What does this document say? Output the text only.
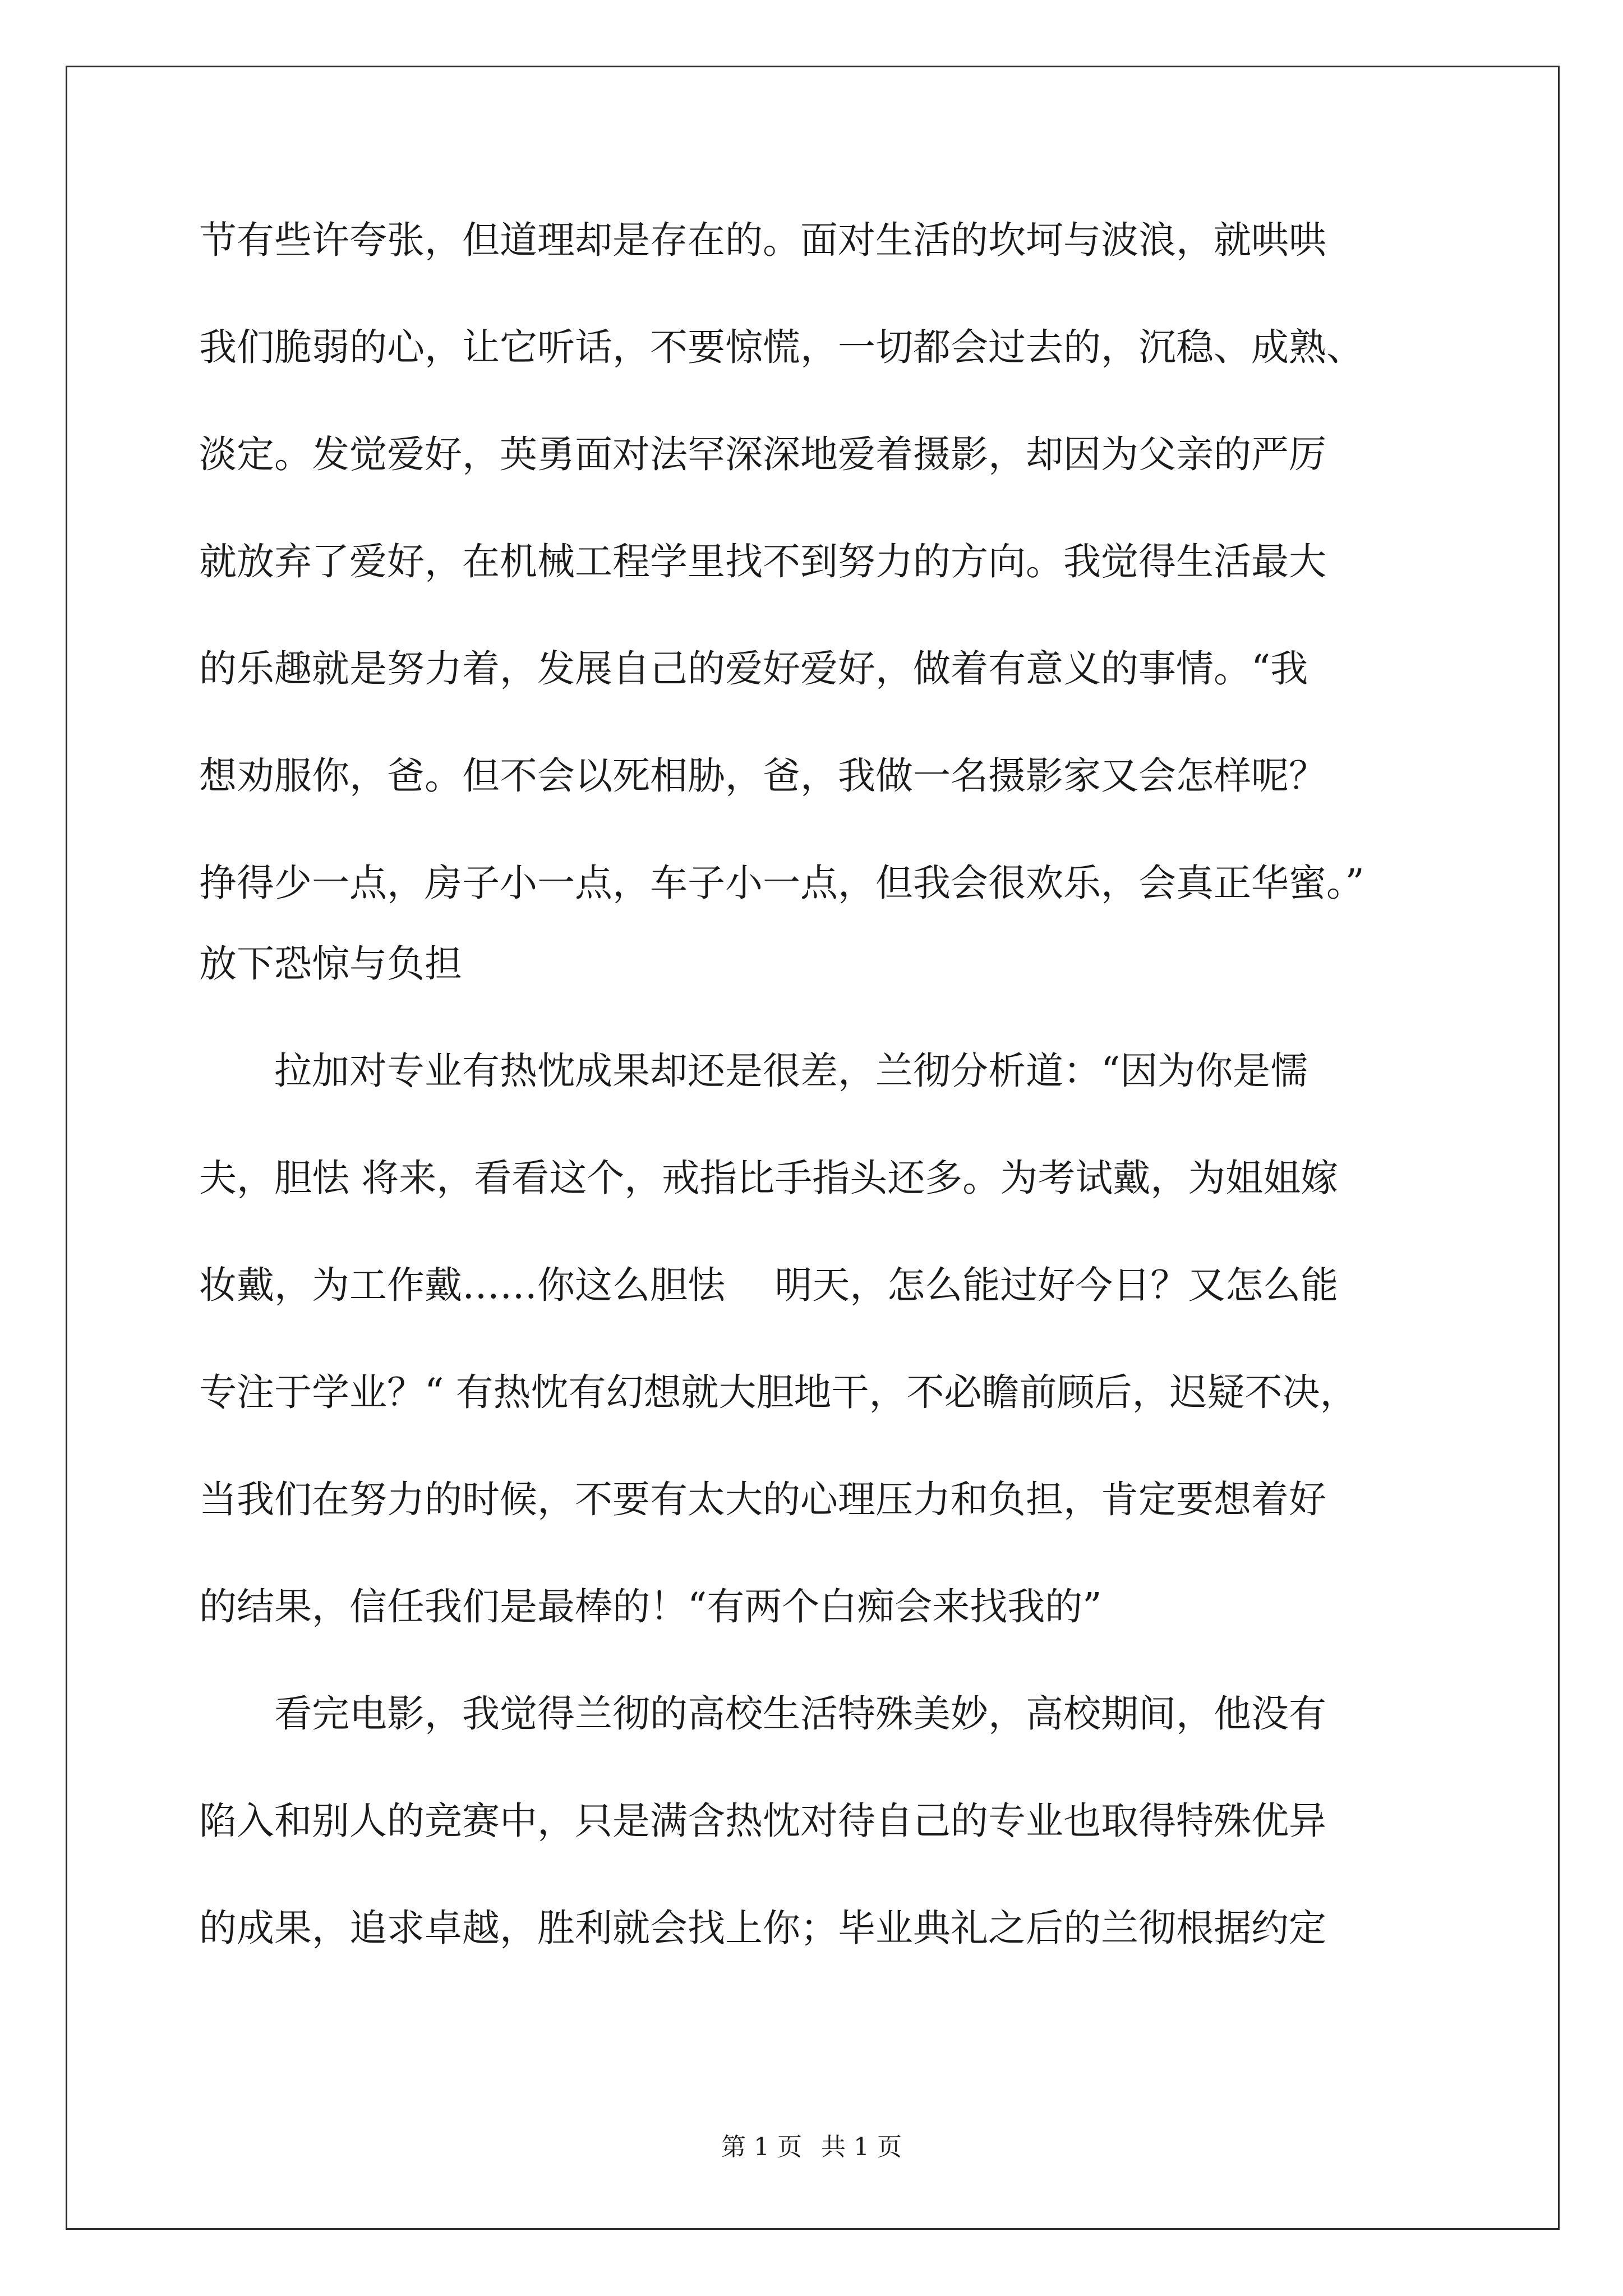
节有些许夸张，但道理却是存在的。面对生活的坎坷与波浪，就哄哄

我们脆弱的心，让它听话，不要惊慌，一切都会过去的，沉稳、成熟、

淡定。发觉爱好，英勇面对法罕深深地爱着摄影，却因为父亲的严厉

就放弃了爱好，在机械工程学里找不到努力的方向。我觉得生活最大

的乐趣就是努力着，发展自己的爱好爱好，做着有意义的事情。“我

想劝服你，爸。但不会以死相胁，爸，我做一名摄影家又会怎样呢？

挣得少一点，房子小一点，车子小一点，但我会很欢乐，会真正华蜜。”

放下恐惊与负担

拉加对专业有热忱成果却还是很差，兰彻分析道：“因为你是懦

夫，胆怯 将来，看看这个，戒指比手指头还多。为考试戴，为姐姐嫁

妆戴，为工作戴……你这么胆怯　 明天，怎么能过好今日？又怎么能

专注于学业？“ 有热忱有幻想就大胆地干，不必瞻前顾后，迟疑不决，

当我们在努力的时候，不要有太大的心理压力和负担，肯定要想着好

的结果，信任我们是最棒的！“有两个白痴会来找我的”

看完电影，我觉得兰彻的高校生活特殊美妙，高校期间，他没有

陷入和别人的竞赛中，只是满含热忱对待自己的专业也取得特殊优异

的成果，追求卓越，胜利就会找上你；毕业典礼之后的兰彻根据约定

第 1 页 共 1 页
